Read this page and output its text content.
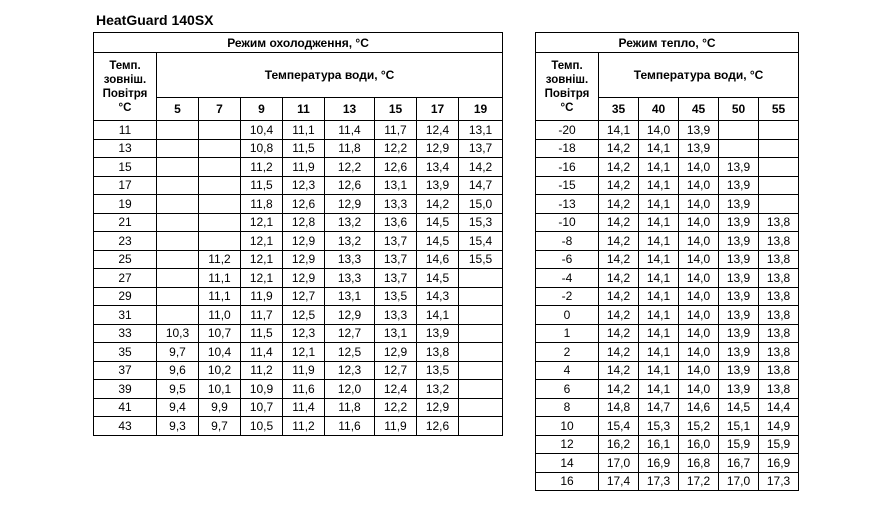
HeatGuard 140SX
Режим охолодження, °С								

Темп.
зовніш.
Повітря
°С	Температура води, °С							
	5	7	9	11	13	15	17	19
11			10,4	11,1	11,4	11,7	12,4	13,1
13			10,8	11,5	11,8	12,2	12,9	13,7
15			11,2	11,9	12,2	12,6	13,4	14,2
17			11,5	12,3	12,6	13,1	13,9	14,7
19			11,8	12,6	12,9	13,3	14,2	15,0
21			12,1	12,8	13,2	13,6	14,5	15,3
23			12,1	12,9	13,2	13,7	14,5	15,4
25		11,2	12,1	12,9	13,3	13,7	14,6	15,5
27		11,1	12,1	12,9	13,3	13,7	14,5	
29		11,1	11,9	12,7	13,1	13,5	14,3	
31		11,0	11,7	12,5	12,9	13,3	14,1	
33	10,3	10,7	11,5	12,3	12,7	13,1	13,9	
35	9,7	10,4	11,4	12,1	12,5	12,9	13,8	
37	9,6	10,2	11,2	11,9	12,3	12,7	13,5	
39	9,5	10,1	10,9	11,6	12,0	12,4	13,2	
41	9,4	9,9	10,7	11,4	11,8	12,2	12,9	
43	9,3	9,7	10,5	11,2	11,6	11,9	12,6	
Режим тепло, °С					

Темп.
зовніш.
Повітря
°С	Температура води, °С				
	35	40	45	50	55
-20	14,1	14,0	13,9		
-18	14,2	14,1	13,9		
-16	14,2	14,1	14,0	13,9	
-15	14,2	14,1	14,0	13,9	
-13	14,2	14,1	14,0	13,9	
-10	14,2	14,1	14,0	13,9	13,8
-8	14,2	14,1	14,0	13,9	13,8
-6	14,2	14,1	14,0	13,9	13,8
-4	14,2	14,1	14,0	13,9	13,8
-2	14,2	14,1	14,0	13,9	13,8
0	14,2	14,1	14,0	13,9	13,8
1	14,2	14,1	14,0	13,9	13,8
2	14,2	14,1	14,0	13,9	13,8
4	14,2	14,1	14,0	13,9	13,8
6	14,2	14,1	14,0	13,9	13,8
8	14,8	14,7	14,6	14,5	14,4
10	15,4	15,3	15,2	15,1	14,9
12	16,2	16,1	16,0	15,9	15,9
14	17,0	16,9	16,8	16,7	16,9
16	17,4	17,3	17,2	17,0	17,3
